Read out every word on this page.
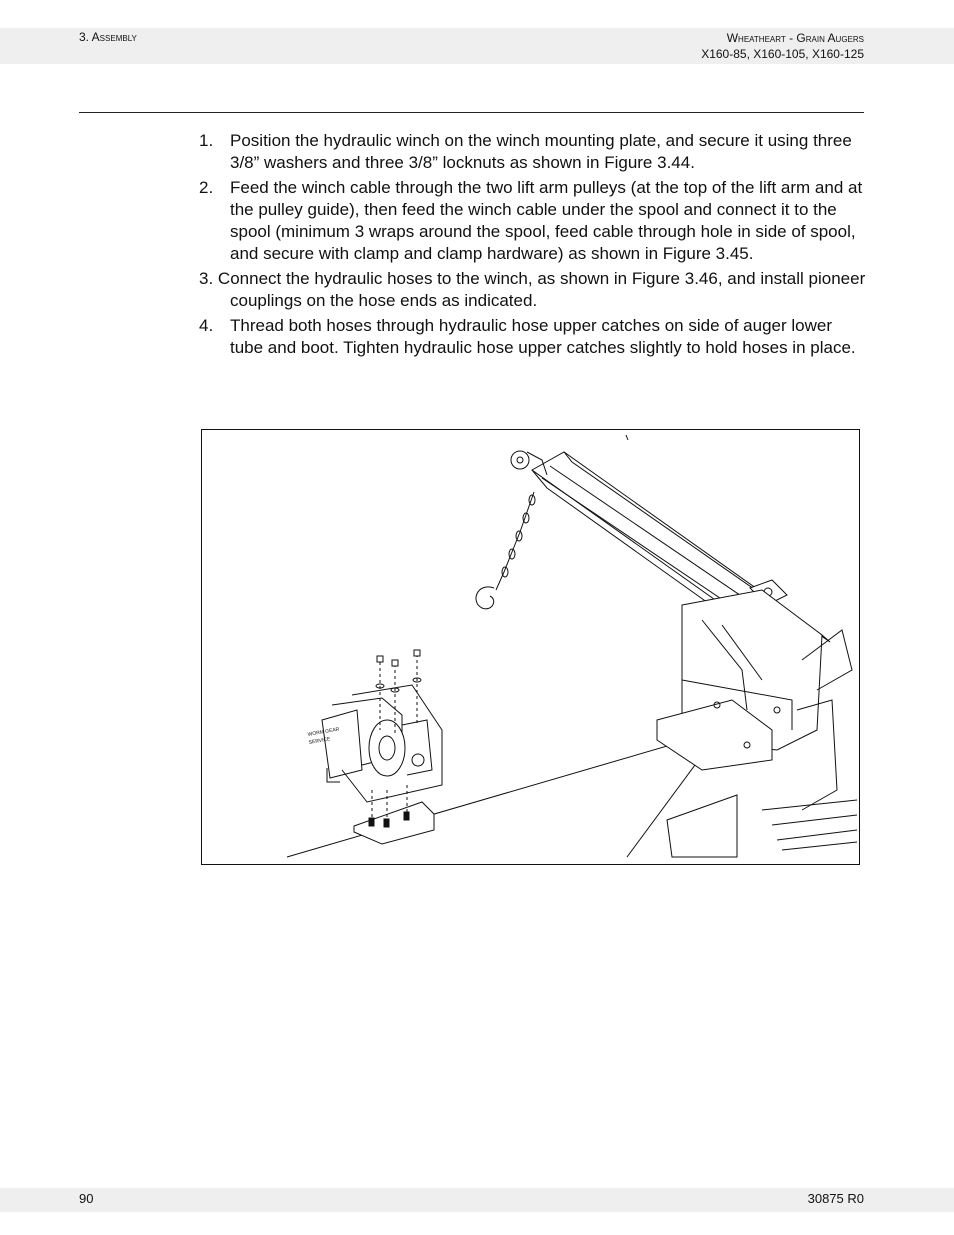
3. Assembly	Wheatheart - Grain Augers
X160-85, X160-105, X160-125
1. Position the hydraulic winch on the winch mounting plate, and secure it using three 3/8” washers and three 3/8” locknuts as shown in Figure 3.44.
2. Feed the winch cable through the two lift arm pulleys (at the top of the lift arm and at the pulley guide), then feed the winch cable under the spool and connect it to the spool (minimum 3 wraps around the spool, feed cable through hole in side of spool, and secure with clamp and clamp hardware) as shown in Figure 3.45.
3. Connect the hydraulic hoses to the winch, as shown in Figure 3.46, and install pioneer couplings on the hose ends as indicated.
4. Thread both hoses through hydraulic hose upper catches on side of auger lower tube and boot. Tighten hydraulic hose upper catches slightly to hold hoses in place.
WORM GEAR
SERVICE
90	30875 R0
